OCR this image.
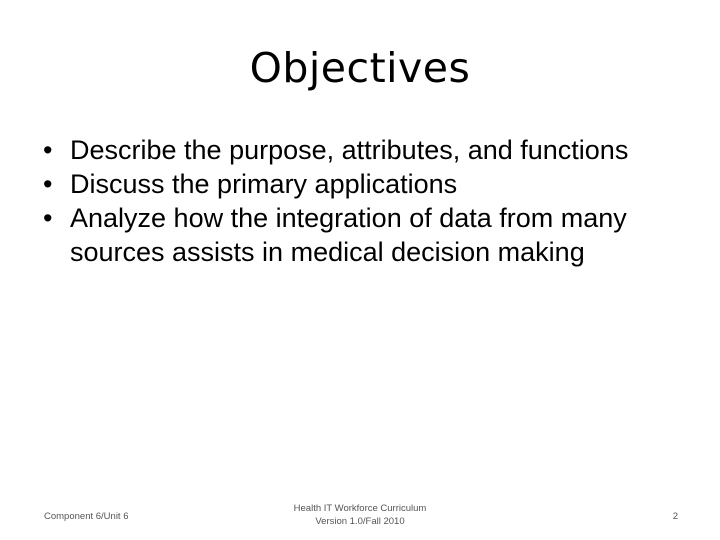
Objectives
• Describe the purpose, attributes, and functions
• Discuss the primary applications
• Analyze how the integration of data from many sources assists in medical decision making
Component 6/Unit 6
Health IT Workforce Curriculum
Version 1.0/Fall 2010	2
